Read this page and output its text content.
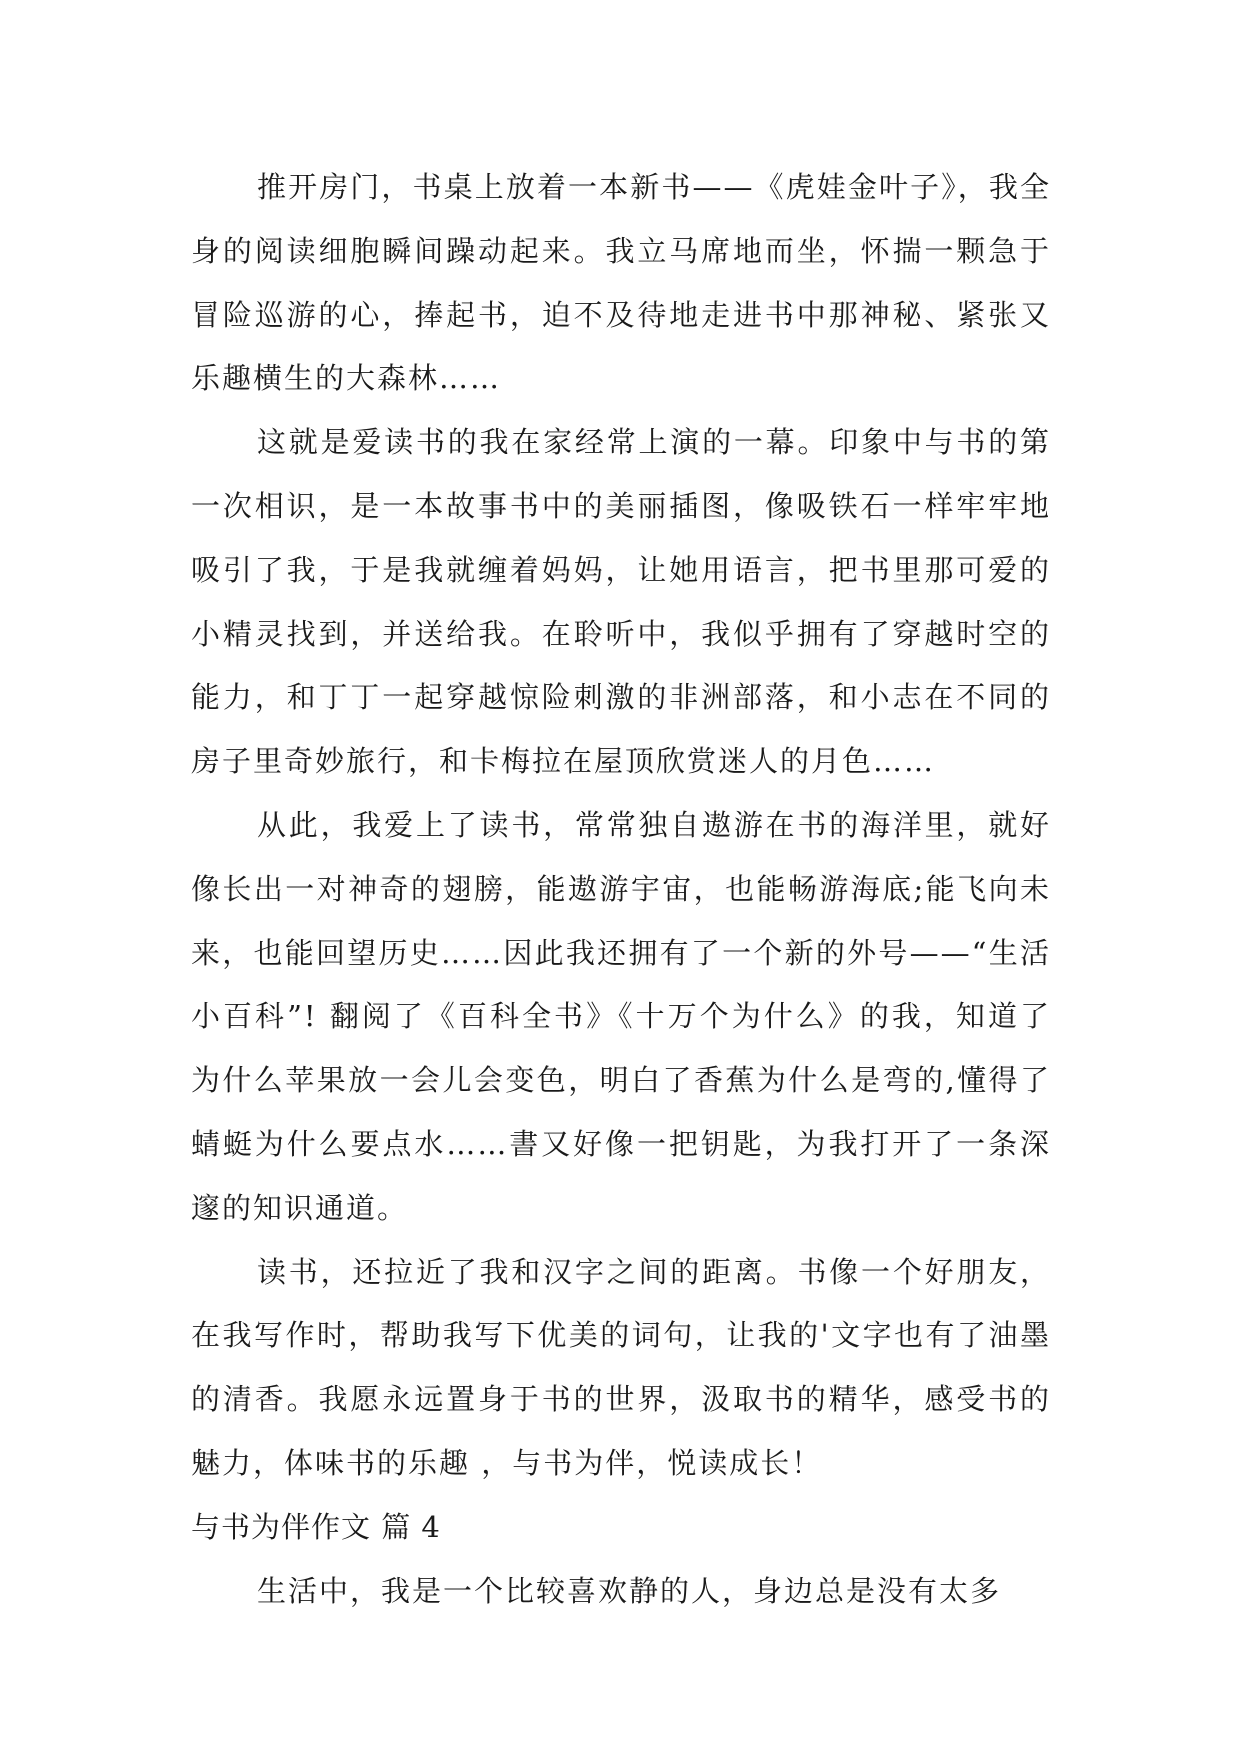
推开房门，书桌上放着一本新书——《虎娃金叶子》，我全身的阅读细胞瞬间躁动起来。我立马席地而坐，怀揣一颗急于冒险巡游的心，捧起书，迫不及待地走进书中那神秘、紧张又乐趣横生的大森林……

这就是爱读书的我在家经常上演的一幕。印象中与书的第一次相识，是一本故事书中的美丽插图，像吸铁石一样牢牢地吸引了我，于是我就缠着妈妈，让她用语言，把书里那可爱的小精灵找到，并送给我。在聆听中，我似乎拥有了穿越时空的能力，和丁丁一起穿越惊险刺激的非洲部落，和小志在不同的房子里奇妙旅行，和卡梅拉在屋顶欣赏迷人的月色……

从此，我爱上了读书，常常独自遨游在书的海洋里，就好像长出一对神奇的翅膀，能遨游宇宙，也能畅游海底;能飞向未来，也能回望历史……因此我还拥有了一个新的外号——“生活小百科”! 翻阅了《百科全书》《十万个为什么》的我，知道了为什么苹果放一会儿会变色，明白了香蕉为什么是弯的,懂得了蜻蜓为什么要点水……書又好像一把钥匙，为我打开了一条深邃的知识通道。

读书，还拉近了我和汉字之间的距离。书像一个好朋友，在我写作时，帮助我写下优美的词句，让我的'文字也有了油墨的清香。我愿永远置身于书的世界，汲取书的精华，感受书的魅力，体味书的乐趣 ，与书为伴，悦读成长！

与书为伴作文 篇 4

生活中，我是一个比较喜欢静的人，身边总是没有太多
